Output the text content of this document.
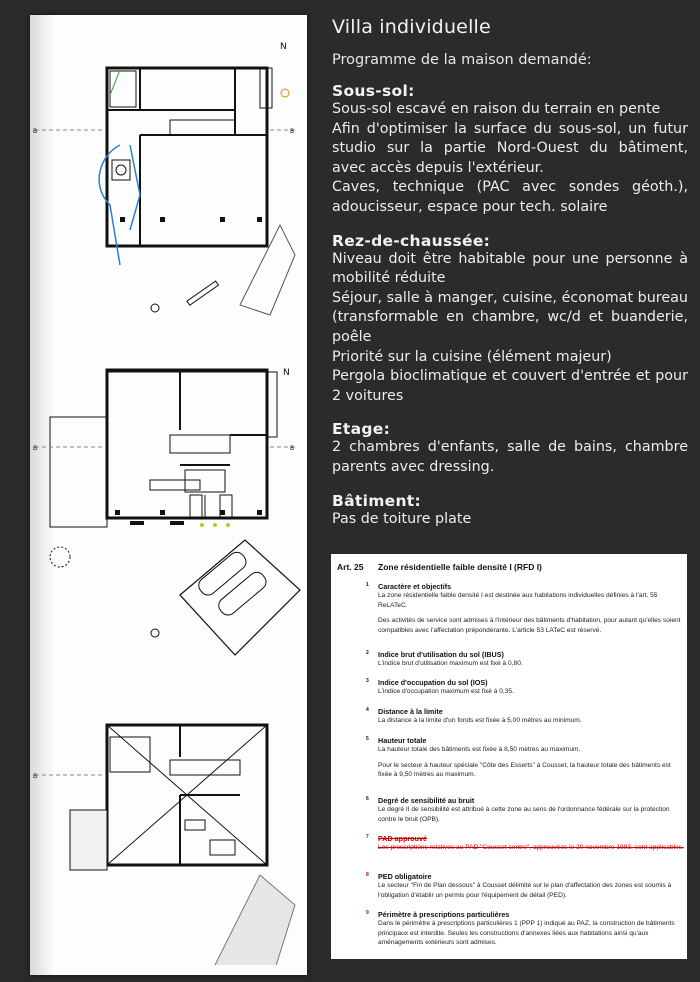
N
B	B
N
B	B
B
Villa individuelle
Programme de la maison demandé:
Sous-sol:
Sous-sol escavé en raison du terrain en pente
Afin d'optimiser la surface du sous-sol, un futur studio sur la partie Nord-Ouest du bâtiment, avec accès depuis l'extérieur.
Caves, technique (PAC avec sondes géoth.), adoucisseur, espace pour tech. solaire
Rez-de-chaussée:
Niveau doit être habitable pour une personne à mobilité réduite
Séjour, salle à manger, cuisine, économat bureau (transformable en chambre, wc/d et buanderie, poêle
Priorité sur la cuisine (élément majeur)
Pergola bioclimatique et couvert d'entrée et pour 2 voitures
Etage:
2 chambres d'enfants, salle de bains, chambre parents avec dressing.
Bâtiment:
Pas de toiture plate
Art. 25 Zone résidentielle faible densité I (RFD I)
1 Caractère et objectifs
La zone résidentielle faible densité I est destinée aux habitations individuelles définies à l'art. 55 ReLATeC.
Des activités de service sont admises à l'intérieur des bâtiments d'habitation, pour autant qu'elles soient compatibles avec l'affectation prépondérante. L'article 53 LATeC est réservé.
2 Indice brut d'utilisation du sol (IBUS)
L'indice brut d'utilisation maximum est fixé à 0,80.
3 Indice d'occupation du sol (IOS)
L'indice d'occupation maximum est fixé à 0,35.
4 Distance à la limite
La distance à la limite d'un fonds est fixée à 5,00 mètres au minimum.
5 Hauteur totale
La hauteur totale des bâtiments est fixée à 8,50 mètres au maximum.
Pour le secteur à hauteur spéciale "Côte des Esserts" à Cousset, la hauteur totale des bâtiments est fixée à 9,50 mètres au maximum.
6 Degré de sensibilité au bruit
Le degré II de sensibilité est attribué à cette zone au sens de l'ordonnance fédérale sur la protection contre le bruit (OPB).
7 PAD approuvé
Les prescriptions relatives au PAD "Cousset centre", approuvées le 20 novembre 1993, sont applicables.
8 PED obligatoire
Le secteur "Fin de Plan dessous" à Cousset délimité sur le plan d'affectation des zones est soumis à l'obligation d'établir un permis pour l'équipement de détail (PED).
9 Périmètre à prescriptions particulières
Dans le périmètre à prescriptions particulières 1 (PPP 1) indiqué au PAZ, la construction de bâtiments principaux est interdite. Seules les constructions d'annexes liées aux habitations ainsi qu'aux aménagements extérieurs sont admises.
